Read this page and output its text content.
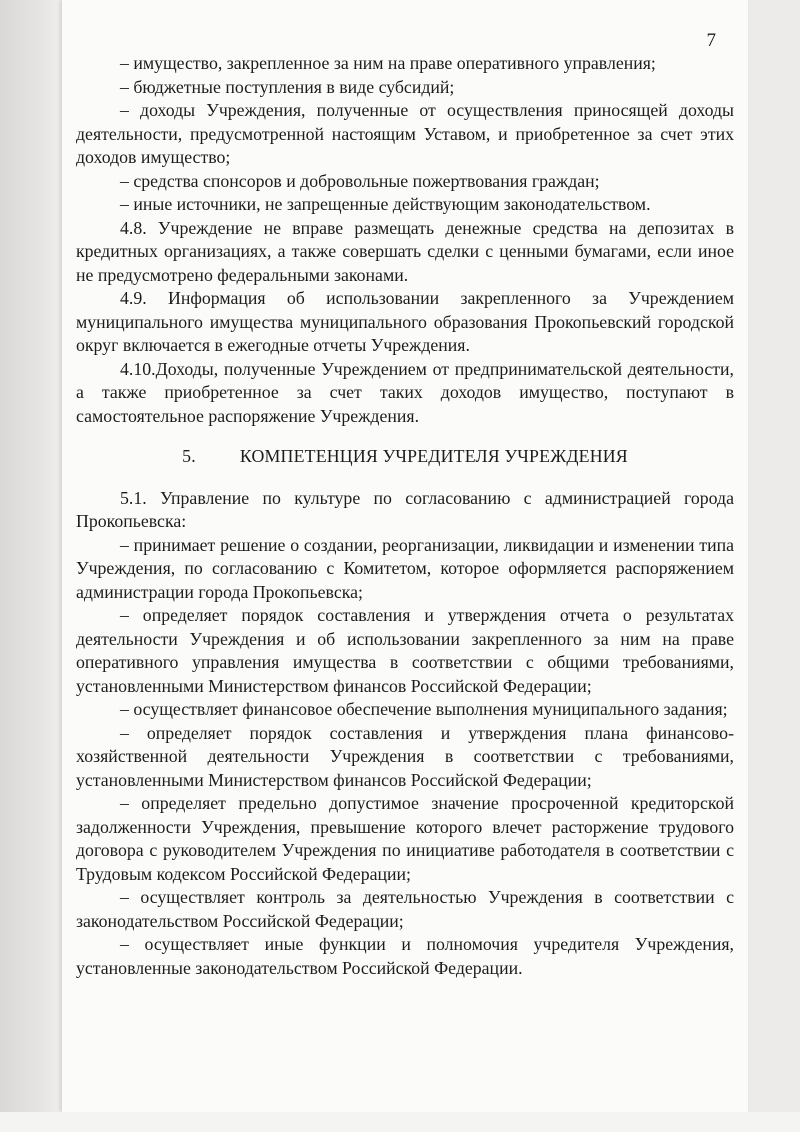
7

– имущество, закрепленное за ним на праве оперативного управления;

– бюджетные поступления в виде субсидий;

– доходы Учреждения, полученные от осуществления приносящей доходы деятельности, предусмотренной настоящим Уставом, и приобретенное за счет этих доходов имущество;

– средства спонсоров и добровольные пожертвования граждан;

– иные источники, не запрещенные действующим законодательством.

4.8. Учреждение не вправе размещать денежные средства на депозитах в кредитных организациях, а также совершать сделки с ценными бумагами, если иное не предусмотрено федеральными законами.

4.9. Информация об использовании закрепленного за Учреждением муниципального имущества муниципального образования Прокопьевский городской округ включается в ежегодные отчеты Учреждения.

4.10.Доходы, полученные Учреждением от предпринимательской деятельности, а также приобретенное за счет таких доходов имущество, поступают в самостоятельное распоряжение Учреждения.

5. КОМПЕТЕНЦИЯ УЧРЕДИТЕЛЯ УЧРЕЖДЕНИЯ

5.1. Управление по культуре по согласованию с администрацией города Прокопьевска:

– принимает решение о создании, реорганизации, ликвидации и изменении типа Учреждения, по согласованию с Комитетом, которое оформляется распоряжением администрации города Прокопьевска;

– определяет порядок составления и утверждения отчета о результатах деятельности Учреждения и об использовании закрепленного за ним на праве оперативного управления имущества в соответствии с общими требованиями, установленными Министерством финансов Российской Федерации;

– осуществляет финансовое обеспечение выполнения муниципального задания;

– определяет порядок составления и утверждения плана финансово-хозяйственной деятельности Учреждения в соответствии с требованиями, установленными Министерством финансов Российской Федерации;

– определяет предельно допустимое значение просроченной кредиторской задолженности Учреждения, превышение которого влечет расторжение трудового договора с руководителем Учреждения по инициативе работодателя в соответствии с Трудовым кодексом Российской Федерации;

– осуществляет контроль за деятельностью Учреждения в соответствии с законодательством Российской Федерации;

– осуществляет иные функции и полномочия учредителя Учреждения, установленные законодательством Российской Федерации.
